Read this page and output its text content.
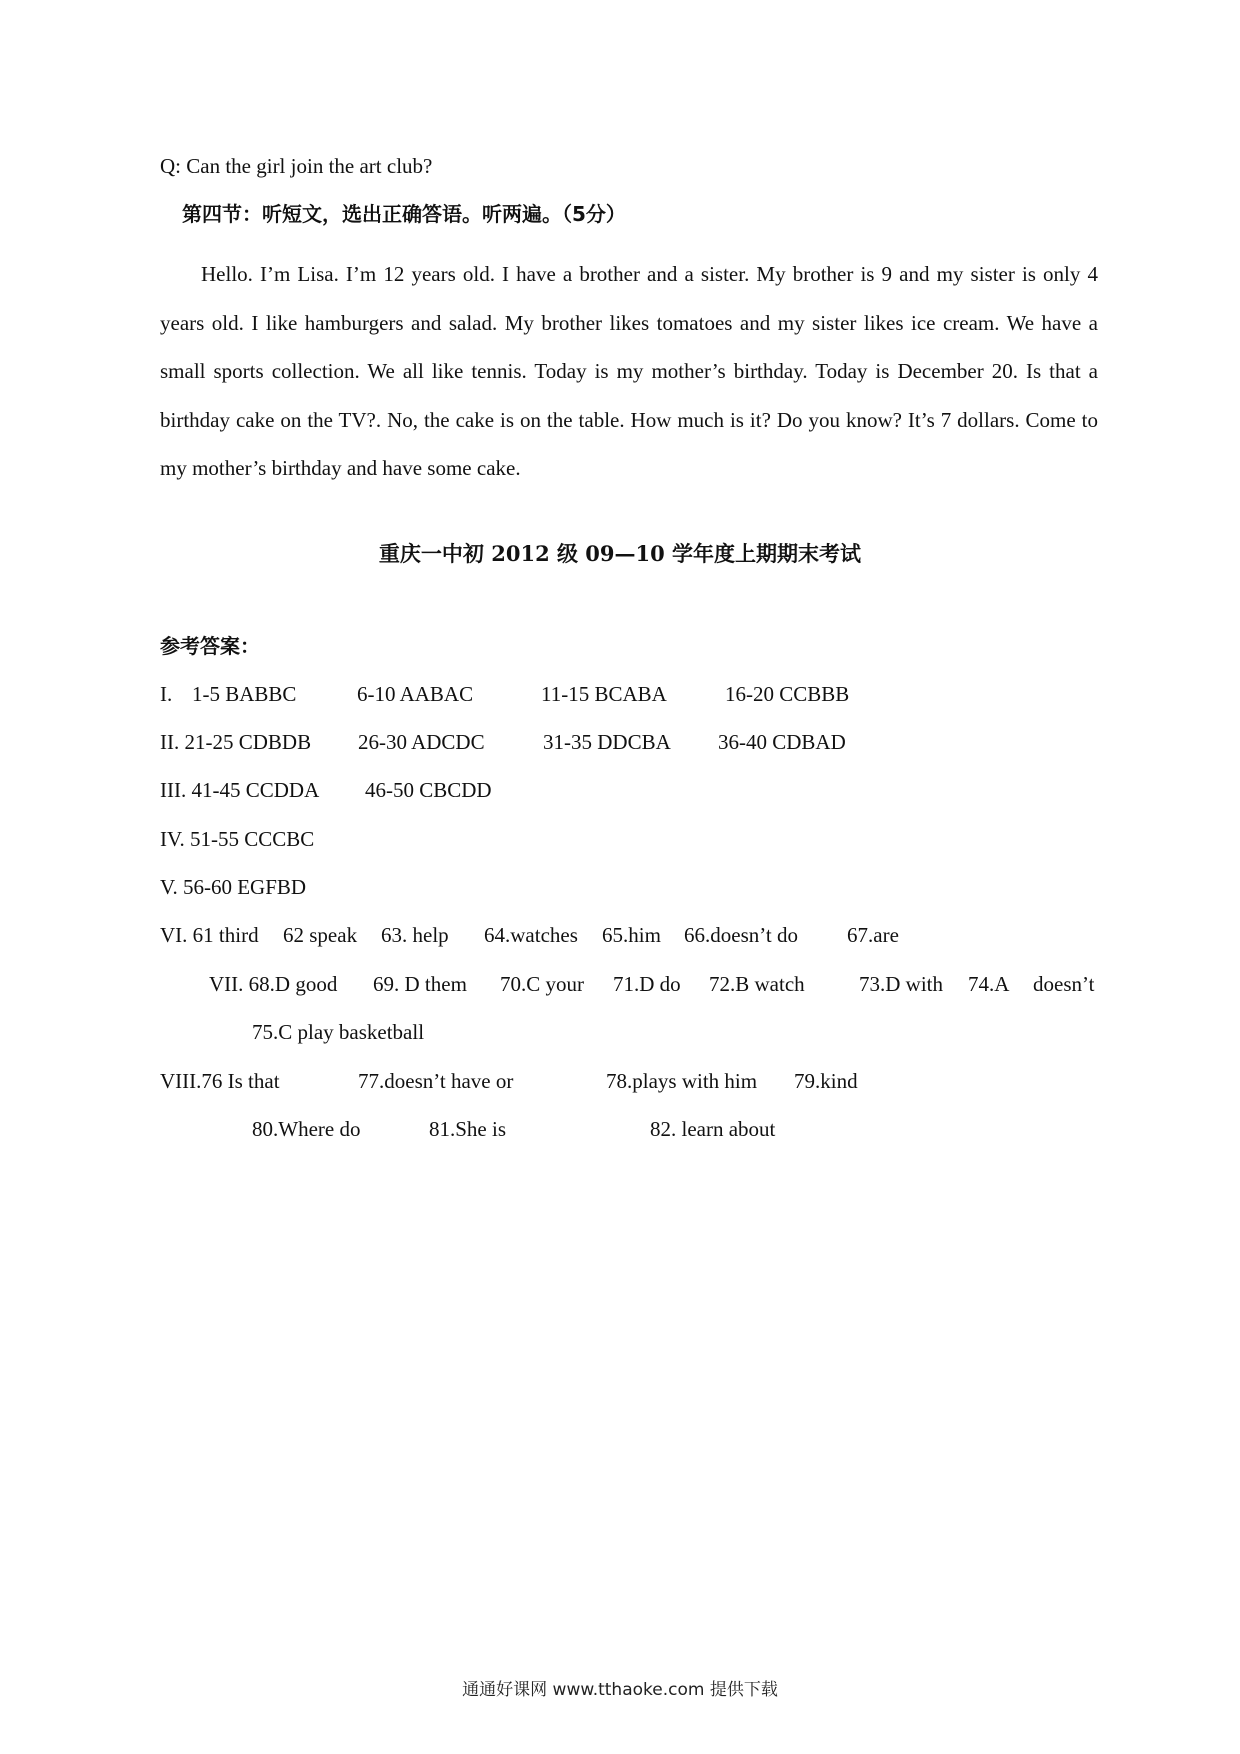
Q: Can the girl join the art club?
第四节：听短文，选出正确答语。听两遍。（5分）

Hello. I’m Lisa. I’m 12 years old. I have a brother and a sister. My brother is 9 and my sister is only 4 years old. I like hamburgers and salad. My brother likes tomatoes and my sister likes ice cream. We have a small sports collection. We all like tennis. Today is my mother’s birthday. Today is December 20. Is that a birthday cake on the TV?. No, the cake is on the table. How much is it? Do you know? It’s 7 dollars. Come to my mother’s birthday and have some cake.

重庆一中初 2012 级 09—10 学年度上期期末考试
参考答案：
I. 1-5 BABBC	6-10 AABAC	11-15 BCABA	16-20 CCBBB
II. 21-25 CDBDB 26-30 ADCDC	31-35 DDCBA 36-40 CDBAD
III. 41-45 CCDDA 46-50 CBCDD
IV. 51-55 CCCBC
V. 56-60 EGFBD
VI. 61 third 62 speak 63. help 64.watches 65.him 66.doesn’t do 67.are
VII. 68.D good 69. D them 70.C your 71.D do 72.B watch	73.D with 74.A doesn’t
75.C play basketball
VIII.76 Is that	77.doesn’t have or	78.plays with him 79.kind
80.Where do	81.She is	82. learn about
通通好课网 www.tthaoke.com 提供下载
